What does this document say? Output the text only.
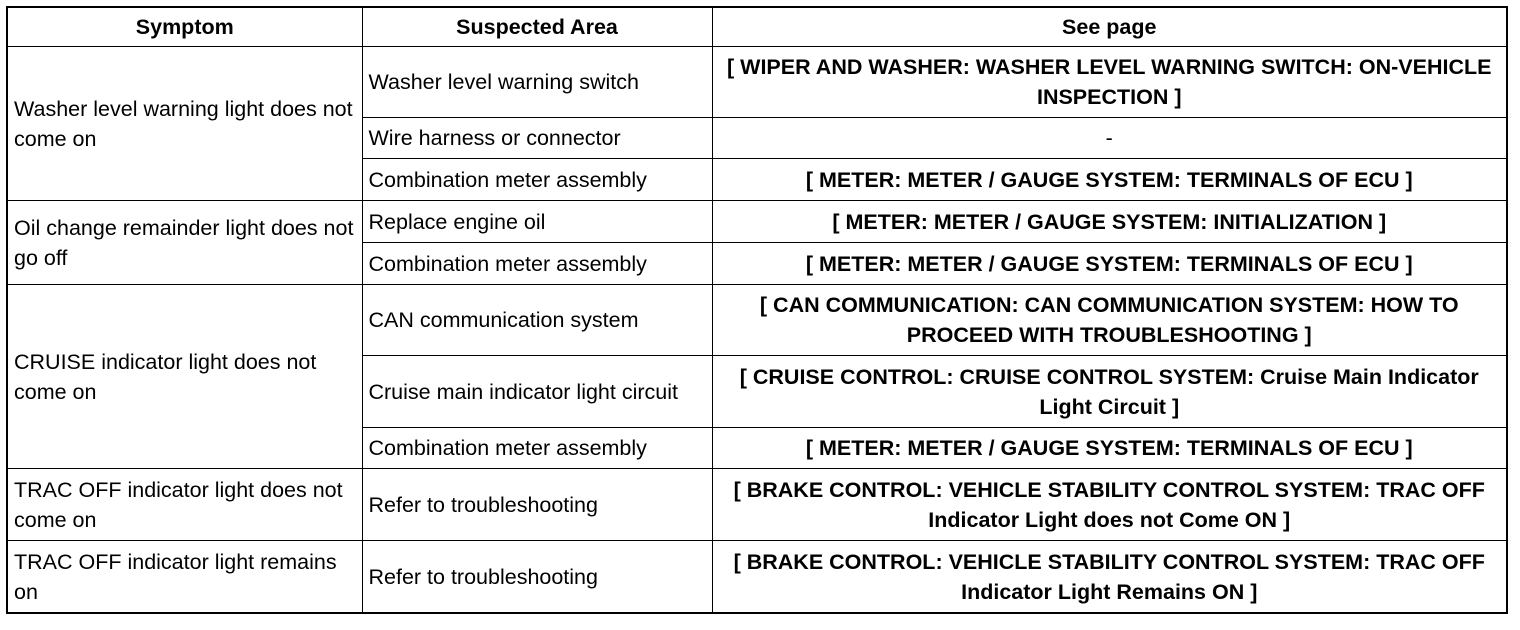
Symptom	Suspected Area	See page
Washer level warning light does not come on	Washer level warning switch	[ WIPER AND WASHER: WASHER LEVEL WARNING SWITCH: ON-VEHICLE INSPECTION ]
	Wire harness or connector	-
	Combination meter assembly	[ METER: METER / GAUGE SYSTEM: TERMINALS OF ECU ]
Oil change remainder light does not go off	Replace engine oil	[ METER: METER / GAUGE SYSTEM: INITIALIZATION ]
	Combination meter assembly	[ METER: METER / GAUGE SYSTEM: TERMINALS OF ECU ]
CRUISE indicator light does not come on	CAN communication system	[ CAN COMMUNICATION: CAN COMMUNICATION SYSTEM: HOW TO PROCEED WITH TROUBLESHOOTING ]
	Cruise main indicator light circuit	[ CRUISE CONTROL: CRUISE CONTROL SYSTEM: Cruise Main Indicator Light Circuit ]
	Combination meter assembly	[ METER: METER / GAUGE SYSTEM: TERMINALS OF ECU ]
TRAC OFF indicator light does not come on	Refer to troubleshooting	[ BRAKE CONTROL: VEHICLE STABILITY CONTROL SYSTEM: TRAC OFF Indicator Light does not Come ON ]
TRAC OFF indicator light remains on	Refer to troubleshooting	[ BRAKE CONTROL: VEHICLE STABILITY CONTROL SYSTEM: TRAC OFF Indicator Light Remains ON ]
